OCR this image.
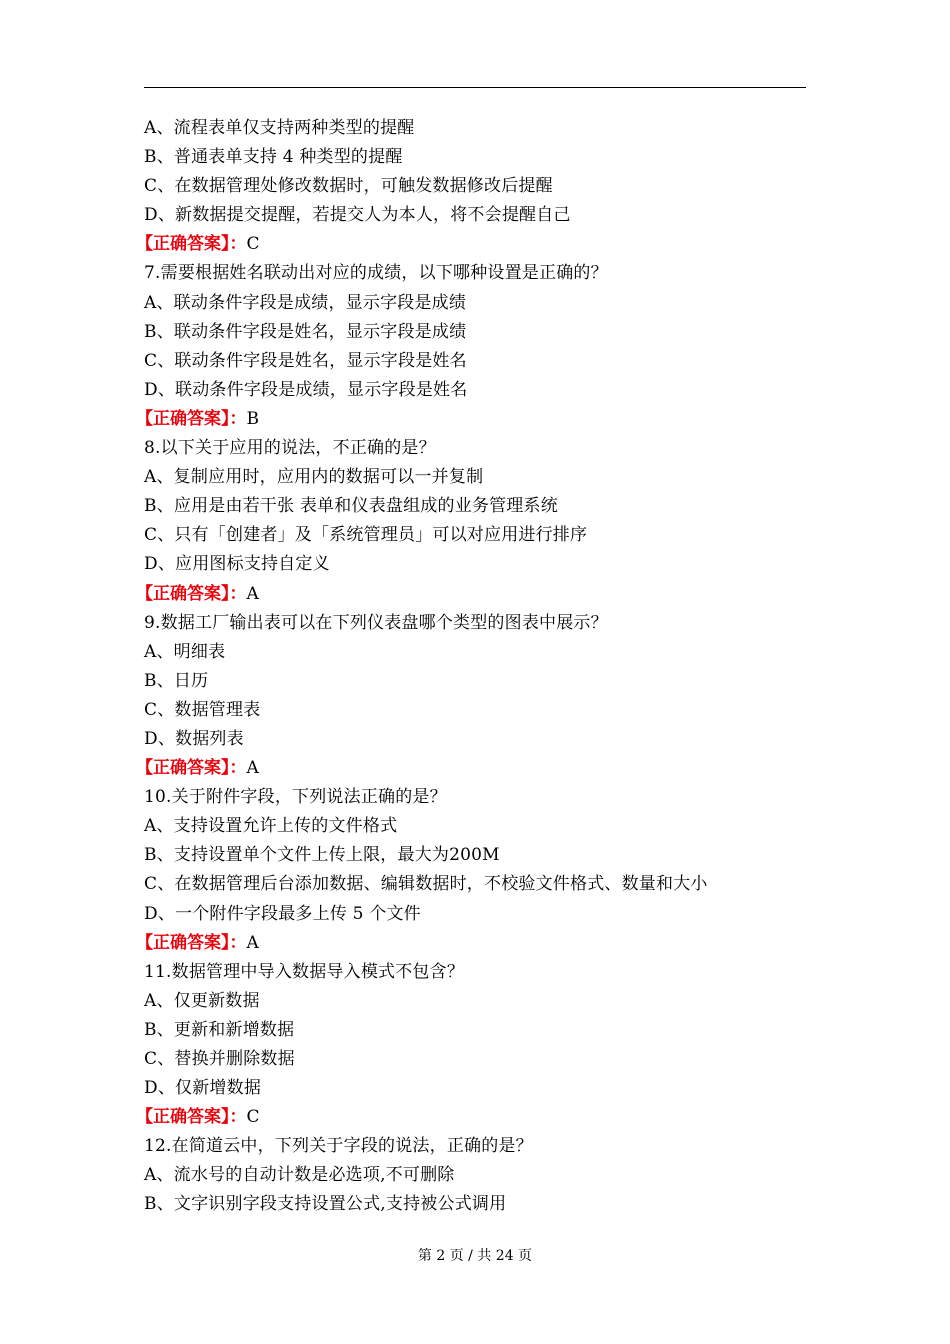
A、流程表单仅支持两种类型的提醒
B、普通表单支持 4 种类型的提醒
C、在数据管理处修改数据时，可触发数据修改后提醒
D、新数据提交提醒，若提交人为本人，将不会提醒自己
【正确答案】：C
7.需要根据姓名联动出对应的成绩，以下哪种设置是正确的？
A、联动条件字段是成绩，显示字段是成绩
B、联动条件字段是姓名，显示字段是成绩
C、联动条件字段是姓名，显示字段是姓名
D、联动条件字段是成绩，显示字段是姓名
【正确答案】：B
8.以下关于应用的说法，不正确的是？
A、复制应用时，应用内的数据可以一并复制
B、应用是由若干张 表单和仪表盘组成的业务管理系统
C、只有「创建者」及「系统管理员」可以对应用进行排序
D、应用图标支持自定义
【正确答案】：A
9.数据工厂输出表可以在下列仪表盘哪个类型的图表中展示？
A、明细表
B、日历
C、数据管理表
D、数据列表
【正确答案】：A
10.关于附件字段，下列说法正确的是？
A、支持设置允许上传的文件格式
B、支持设置单个文件上传上限，最大为200M
C、在数据管理后台添加数据、编辑数据时，不校验文件格式、数量和大小
D、一个附件字段最多上传 5 个文件
【正确答案】：A
11.数据管理中导入数据导入模式不包含？
A、仅更新数据
B、更新和新增数据
C、替换并删除数据
D、仅新增数据
【正确答案】：C
12.在简道云中，下列关于字段的说法，正确的是？
A、流水号的自动计数是必选项,不可删除
B、文字识别字段支持设置公式,支持被公式调用
第 2 页 / 共 24 页
